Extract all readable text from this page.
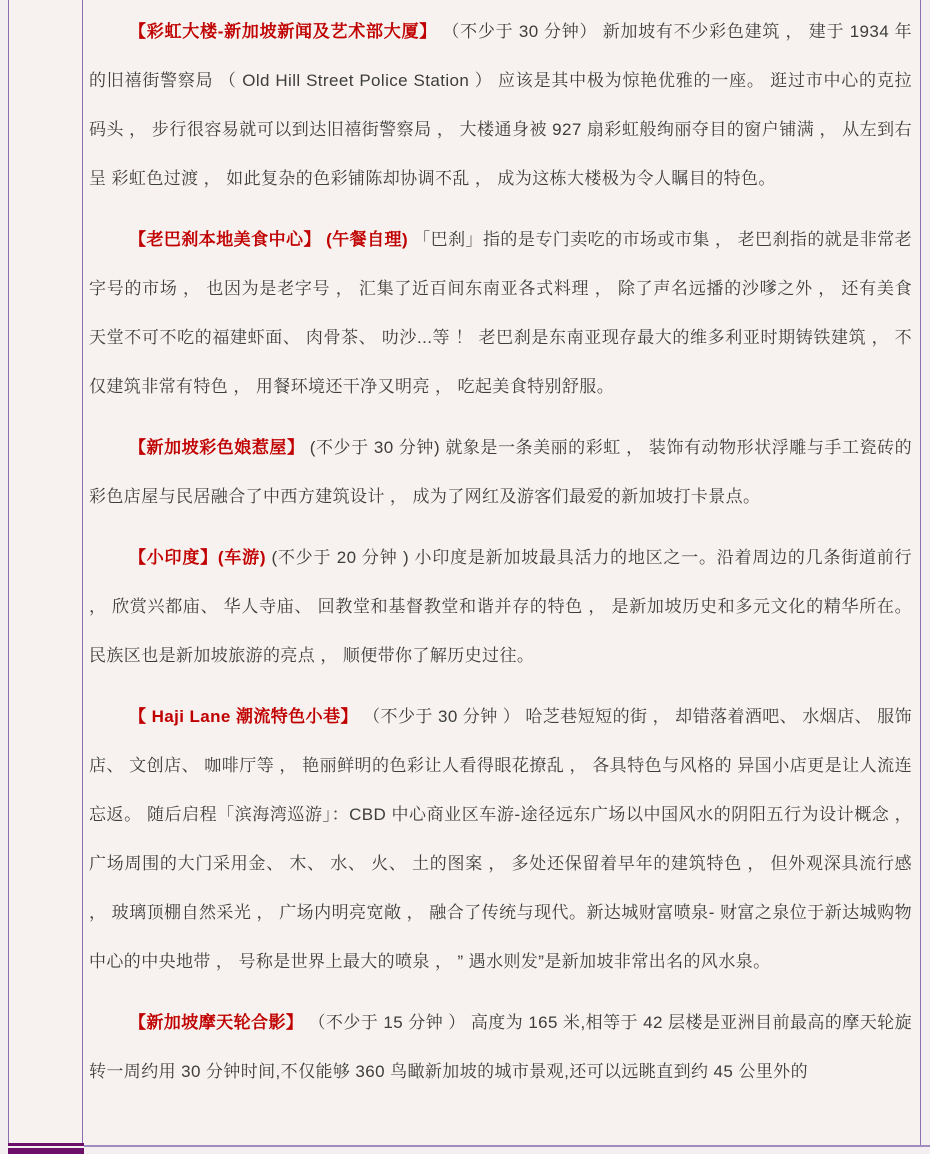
【彩虹大楼-新加坡新闻及艺术部大厦】 （不少于 30 分钟） 新加坡有不少彩色建筑 ， 建于 1934 年的旧禧街警察局 （ Old Hill Street Police Station ） 应该是其中极为惊艳优雅的一座。 逛过市中心的克拉码头 ， 步行很容易就可以到达旧禧街警察局 ， 大楼通身被 927 扇彩虹般绚丽夺目的窗户铺满 ， 从左到右呈 彩虹色过渡 ， 如此复杂的色彩铺陈却协调不乱 ， 成为这栋大楼极为令人瞩目的特色。

【老巴刹本地美食中心】 (午餐自理) 「巴刹」指的是专门卖吃的市场或市集 ， 老巴刹指的就是非常老字号的市场 ， 也因为是老字号 ， 汇集了近百间东南亚各式料理 ， 除了声名远播的沙嗲之外 ， 还有美食天堂不可不吃的福建虾面、 肉骨茶、 叻沙...等 ！ 老巴刹是东南亚现存最大的维多利亚时期铸铁建筑 ， 不仅建筑非常有特色 ， 用餐环境还干净又明亮 ， 吃起美食特别舒服。

【新加坡彩色娘惹屋】 (不少于 30 分钟) 就象是一条美丽的彩虹 ， 装饰有动物形状浮雕与手工瓷砖的彩色店屋与民居融合了中西方建筑设计 ， 成为了网红及游客们最爱的新加坡打卡景点。

【小印度】(车游) (不少于 20 分钟 ) 小印度是新加坡最具活力的地区之一。沿着周边的几条街道前行 ， 欣赏兴都庙、 华人寺庙、 回教堂和基督教堂和谐并存的特色 ， 是新加坡历史和多元文化的精华所在。 民族区也是新加坡旅游的亮点 ， 顺便带你了解历史过往。

【 Haji Lane 潮流特色小巷】 （不少于 30 分钟 ） 哈芝巷短短的街 ， 却错落着酒吧、 水烟店、 服饰店、 文创店、 咖啡厅等 ， 艳丽鲜明的色彩让人看得眼花撩乱 ， 各具特色与风格的 异国小店更是让人流连忘返。 随后启程「滨海湾巡游」：CBD 中心商业区车游-途径远东广场以中国风水的阴阳五行为设计概念 ， 广场周围的大门采用金、 木、 水、 火、 土的图案 ， 多处还保留着早年的建筑特色 ， 但外观深具流行感 ， 玻璃顶棚自然采光 ， 广场内明亮宽敞 ， 融合了传统与现代。新达城财富喷泉- 财富之泉位于新达城购物中心的中央地带 ， 号称是世界上最大的喷泉 ， ” 遇水则发”是新加坡非常出名的风水泉。

【新加坡摩天轮合影】 （不少于 15 分钟 ） 高度为 165 米,相等于 42 层楼是亚洲目前最高的摩天轮旋转一周约用 30 分钟时间,不仅能够 360 鸟瞰新加坡的城市景观,还可以远眺直到约 45 公里外的
